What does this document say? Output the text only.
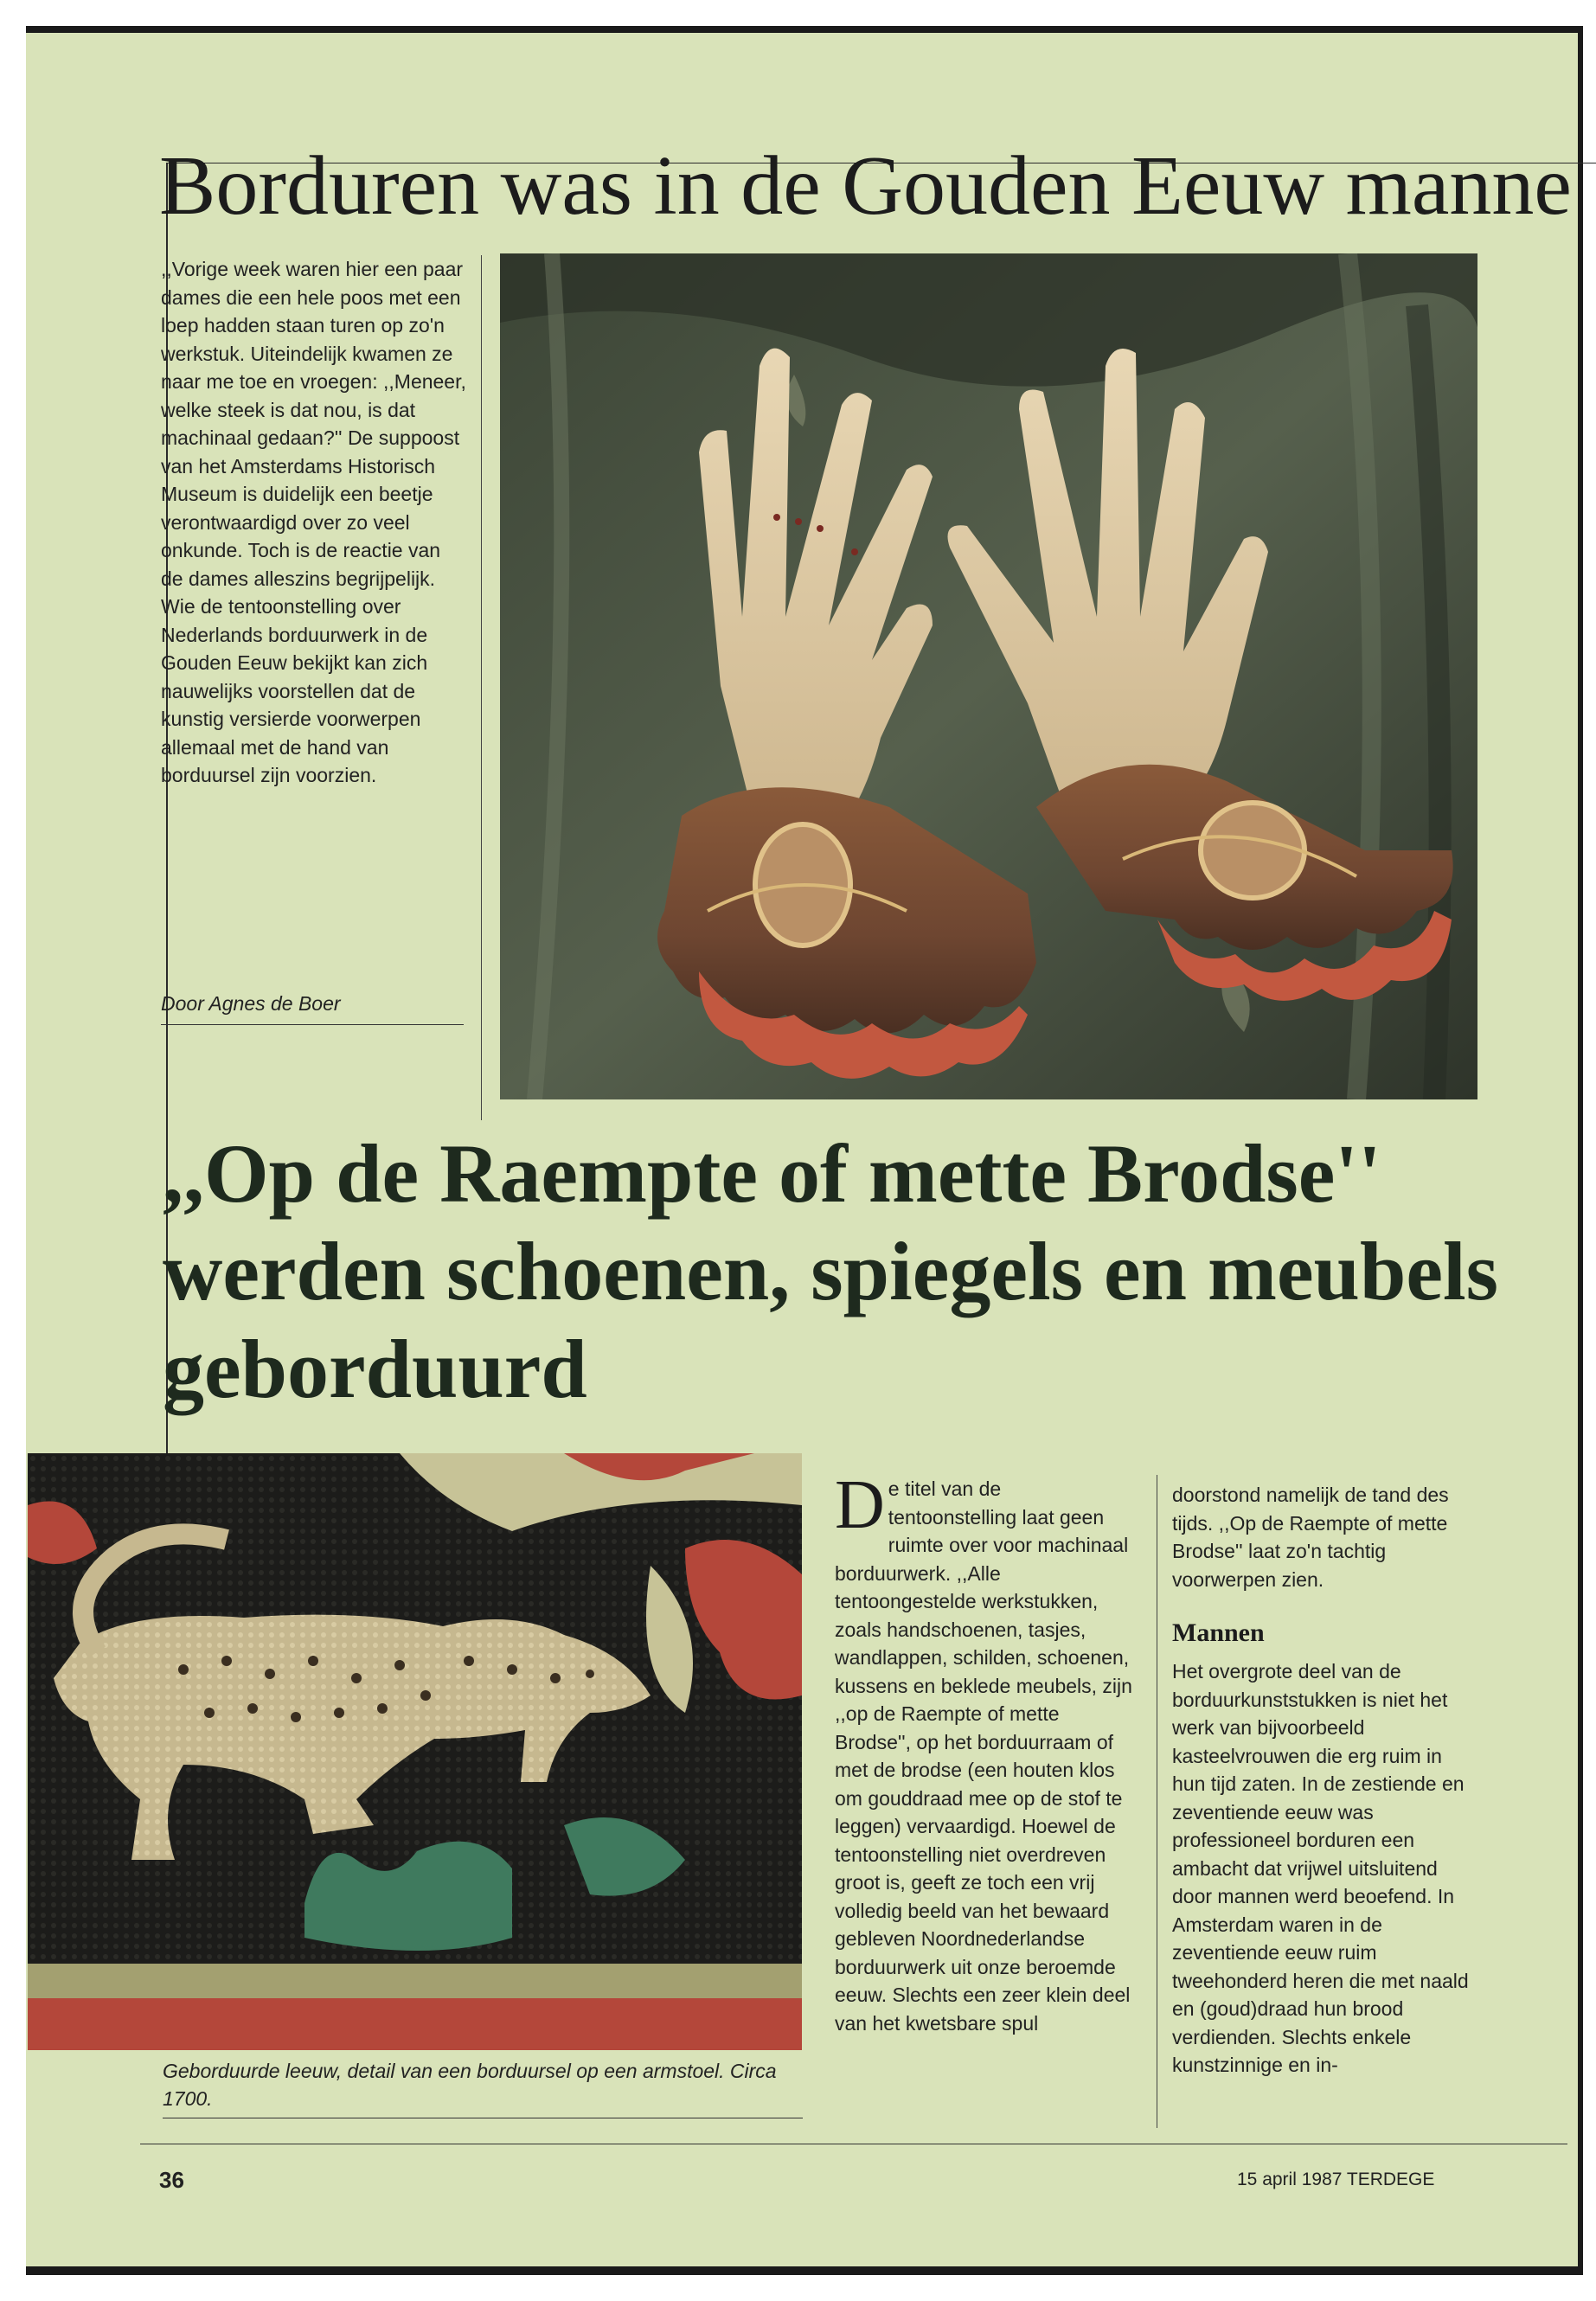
Borduren was in de Gouden Eeuw manne

,,Vorige week waren hier een paar dames die een hele poos met een loep hadden staan turen op zo'n werkstuk. Uiteindelijk kwamen ze naar me toe en vroegen: ,,Meneer, welke steek is dat nou, is dat machinaal gedaan?'' De suppoost van het Amsterdams Historisch Museum is duidelijk een beetje verontwaardigd over zo veel onkunde. Toch is de reactie van de dames alleszins begrijpelijk. Wie de tentoonstelling over Nederlands borduurwerk in de Gouden Eeuw bekijkt kan zich nauwelijks voorstellen dat de kunstig versierde voorwerpen allemaal met de hand van borduursel zijn voorzien.

Door Agnes de Boer

,,Op de Raempte of mette Brodse'' werden schoenen, spiegels en meubels geborduurd

Geborduurde leeuw, detail van een borduursel op een armstoel. Circa 1700.

De titel van de tentoonstelling laat geen ruimte over voor machinaal borduurwerk. ,,Alle tentoongestelde werkstukken, zoals handschoenen, tasjes, wandlappen, schilden, schoenen, kussens en beklede meubels, zijn ,,op de Raempte of mette Brodse'', op het borduurraam of met de brodse (een houten klos om gouddraad mee op de stof te leggen) vervaardigd. Hoewel de tentoonstelling niet overdreven groot is, geeft ze toch een vrij volledig beeld van het bewaard gebleven Noordnederlandse borduurwerk uit onze beroemde eeuw. Slechts een zeer klein deel van het kwetsbare spul

doorstond namelijk de tand des tijds. ,,Op de Raempte of mette Brodse'' laat zo'n tachtig voorwerpen zien.

Mannen

Het overgrote deel van de borduurkunststukken is niet het werk van bijvoorbeeld kasteelvrouwen die erg ruim in hun tijd zaten. In de zestiende en zeventiende eeuw was professioneel borduren een ambacht dat vrijwel uitsluitend door mannen werd beoefend. In Amsterdam waren in de zeventiende eeuw ruim tweehonderd heren die met naald en (goud)draad hun brood verdienden. Slechts enkele kunstzinnige en in-

36	15 april 1987 TERDEGE
